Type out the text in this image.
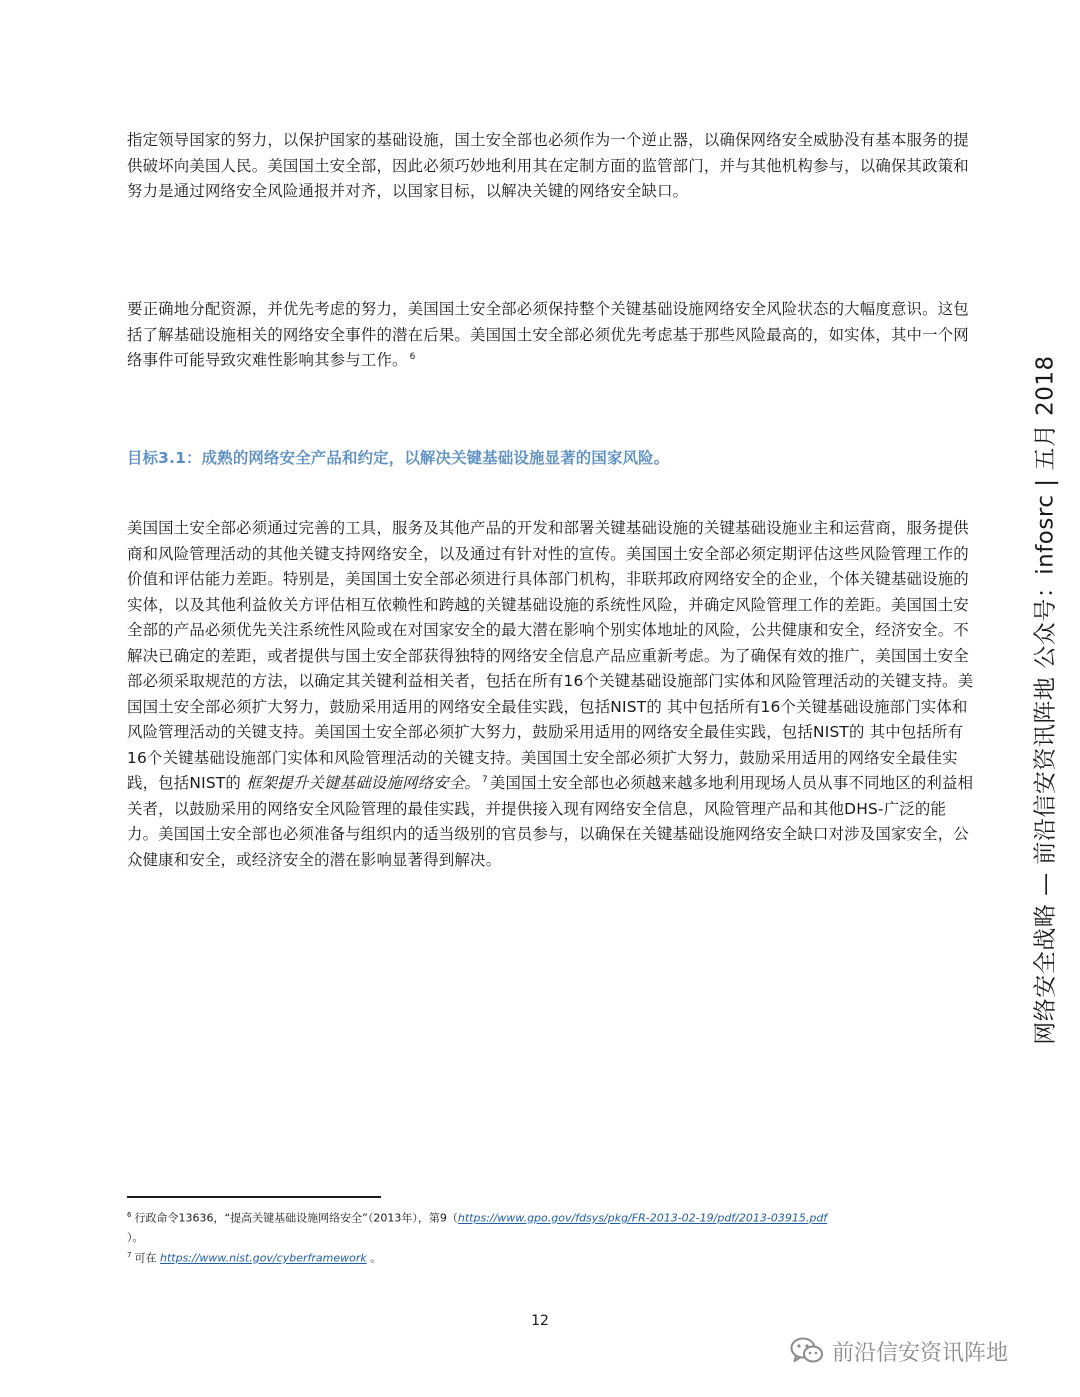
指定领导国家的努力，以保护国家的基础设施，国土安全部也必须作为一个逆止器，以确保网络安全威胁没有基本服务的提供破坏向美国人民。美国国土安全部，因此必须巧妙地利用其在定制方面的监管部门，并与其他机构参与，以确保其政策和努力是通过网络安全风险通报并对齐，以国家目标，以解决关键的网络安全缺口。

要正确地分配资源，并优先考虑的努力，美国国土安全部必须保持整个关键基础设施网络安全风险状态的大幅度意识。这包括了解基础设施相关的网络安全事件的潜在后果。美国国土安全部必须优先考虑基于那些风险最高的，如实体，其中一个网络事件可能导致灾难性影响其参与工作。 $^6$

目标3.1：成熟的网络安全产品和约定，以解决关键基础设施显著的国家风险。

美国国土安全部必须通过完善的工具，服务及其他产品的开发和部署关键基础设施的关键基础设施业主和运营商，服务提供商和风险管理活动的其他关键支持网络安全，以及通过有针对性的宣传。美国国土安全部必须定期评估这些风险管理工作的价值和评估能力差距。特别是，美国国土安全部必须进行具体部门机构，非联邦政府网络安全的企业，个体关键基础设施的实体，以及其他利益攸关方评估相互依赖性和跨越的关键基础设施的系统性风险，并确定风险管理工作的差距。美国国土安全部的产品必须优先关注系统性风险或在对国家安全的最大潜在影响个别实体地址的风险，公共健康和安全，经济安全。不解决已确定的差距，或者提供与国土安全部获得独特的网络安全信息产品应重新考虑。为了确保有效的推广，美国国土安全部必须采取规范的方法，以确定其关键利益相关者，包括在所有16个关键基础设施部门实体和风险管理活动的关键支持。美国国土安全部必须扩大努力，鼓励采用适用的网络安全最佳实践，包括NIST的 其中包括所有16个关键基础设施部门实体和风险管理活动的关键支持。美国国土安全部必须扩大努力，鼓励采用适用的网络安全最佳实践，包括NIST的 其中包括所有16个关键基础设施部门实体和风险管理活动的关键支持。美国国土安全部必须扩大努力，鼓励采用适用的网络安全最佳实践，包括NIST的 框架提升关键基础设施网络安全。 $^7$ 美国国土安全部也必须越来越多地利用现场人员从事不同地区的利益相关者，以鼓励采用的网络安全风险管理的最佳实践，并提供接入现有网络安全信息，风险管理产品和其他DHS-广泛的能力。美国国土安全部也必须准备与组织内的适当级别的官员参与，以确保在关键基础设施网络安全缺口对涉及国家安全，公众健康和安全，或经济安全的潜在影响显著得到解决。	网络安全战略 — 前沿信安资讯阵地 公众号：infosrc | 五月 2018
$^6$ 行政命令13636，“提高关键基础设施网络安全”（2013年），第9（https://www.gpo.gov/fdsys/pkg/FR-2013-02-19/pdf/2013-03915.pdf
）。
$^7$ 可在 https://www.nist.gov/cyberframework 。
12
前沿信安资讯阵地
